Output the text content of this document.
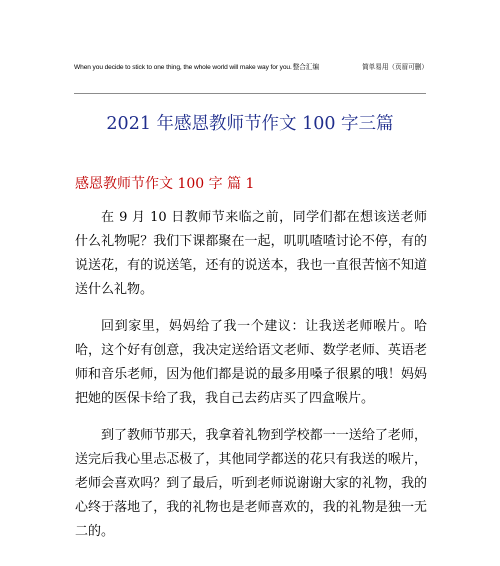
When you decide to stick to one thing, the whole world will make way for you.整合汇编	简单易用（页眉可删）
2021 年感恩教师节作文 100 字三篇
感恩教师节作文 100 字 篇 1

在 9 月 10 日教师节来临之前，同学们都在想该送老师什么礼物呢？我们下课都聚在一起，叽叽喳喳讨论不停，有的说送花，有的说送笔，还有的说送本，我也一直很苦恼不知道送什么礼物。

回到家里，妈妈给了我一个建议：让我送老师喉片。哈哈，这个好有创意，我决定送给语文老师、数学老师、英语老师和音乐老师，因为他们都是说的最多用嗓子很累的哦！妈妈把她的医保卡给了我，我自己去药店买了四盒喉片。

到了教师节那天，我拿着礼物到学校都一一送给了老师，送完后我心里忐忑极了，其他同学都送的花只有我送的喉片，老师会喜欢吗？到了最后，听到老师说谢谢大家的礼物，我的心终于落地了，我的礼物也是老师喜欢的，我的礼物是独一无二的。
